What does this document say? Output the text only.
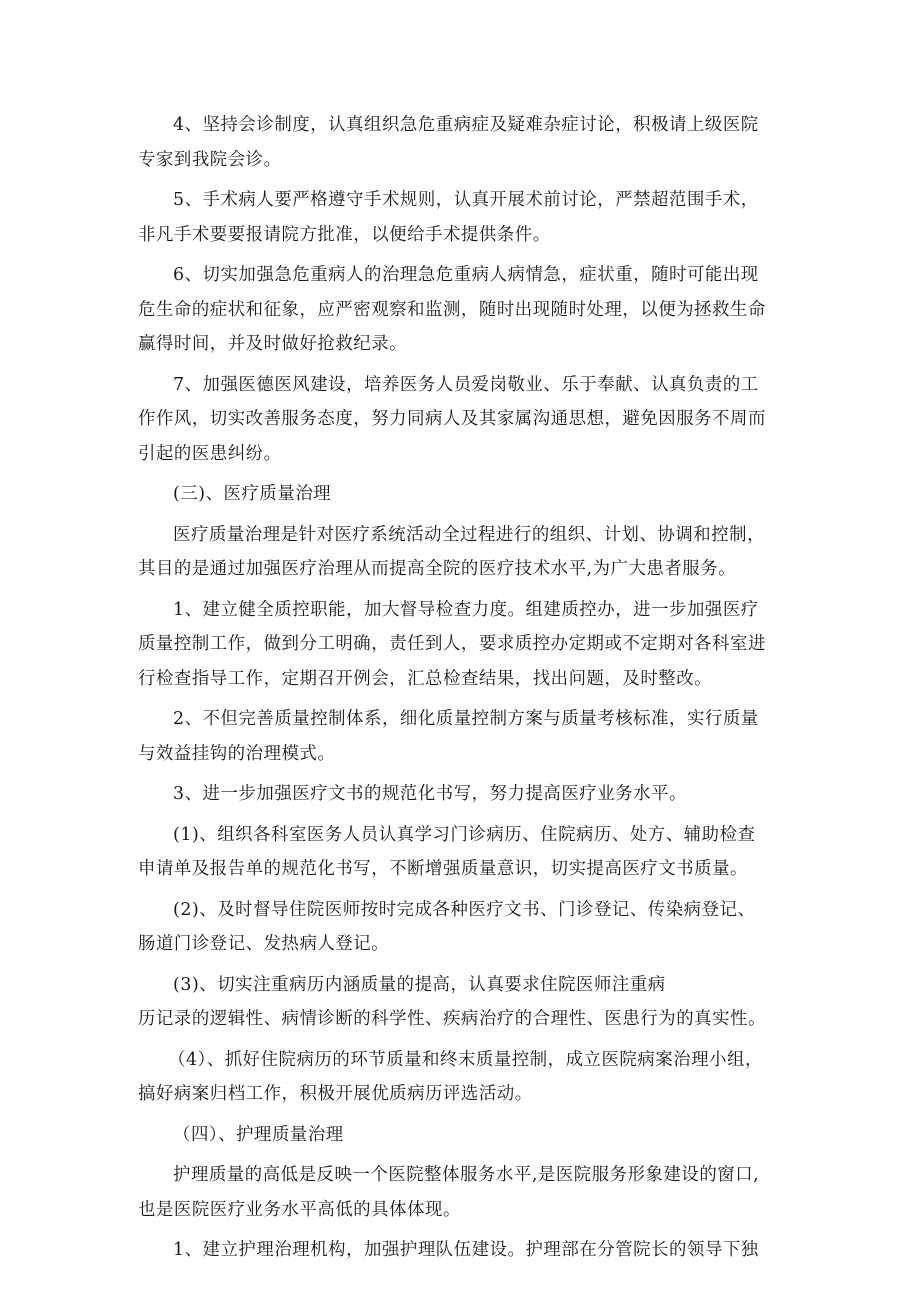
4、坚持会诊制度，认真组织急危重病症及疑难杂症讨论，积极请上级医院
专家到我院会诊。

5、手术病人要严格遵守手术规则，认真开展术前讨论，严禁超范围手术，
非凡手术要要报请院方批准，以便给手术提供条件。

6、切实加强急危重病人的治理急危重病人病情急，症状重，随时可能出现
危生命的症状和征象，应严密观察和监测，随时出现随时处理，以便为拯救生命
赢得时间，并及时做好抢救纪录。

7、加强医德医风建设，培养医务人员爱岗敬业、乐于奉献、认真负责的工
作作风，切实改善服务态度，努力同病人及其家属沟通思想，避免因服务不周而
引起的医患纠纷。

(三)、医疗质量治理

医疗质量治理是针对医疗系统活动全过程进行的组织、计划、协调和控制，
其目的是通过加强医疗治理从而提高全院的医疗技术水平,为广大患者服务。

1、建立健全质控职能，加大督导检查力度。组建质控办，进一步加强医疗
质量控制工作，做到分工明确，责任到人，要求质控办定期或不定期对各科室进
行检查指导工作，定期召开例会，汇总检查结果，找出问题，及时整改。

2、不但完善质量控制体系，细化质量控制方案与质量考核标准，实行质量
与效益挂钩的治理模式。

3、进一步加强医疗文书的规范化书写，努力提高医疗业务水平。

(1)、组织各科室医务人员认真学习门诊病历、住院病历、处方、辅助检查
申请单及报告单的规范化书写，不断增强质量意识，切实提高医疗文书质量。

(2)、及时督导住院医师按时完成各种医疗文书、门诊登记、传染病登记、
肠道门诊登记、发热病人登记。

(3)、切实注重病历内涵质量的提高，认真要求住院医师注重病
历记录的逻辑性、病情诊断的科学性、疾病治疗的合理性、医患行为的真实性。

（4）、抓好住院病历的环节质量和终末质量控制，成立医院病案治理小组，
搞好病案归档工作，积极开展优质病历评选活动。

（四）、护理质量治理

护理质量的高低是反映一个医院整体服务水平,是医院服务形象建设的窗口,
也是医院医疗业务水平高低的具体体现。

1、建立护理治理机构，加强护理队伍建设。护理部在分管院长的领导下独
